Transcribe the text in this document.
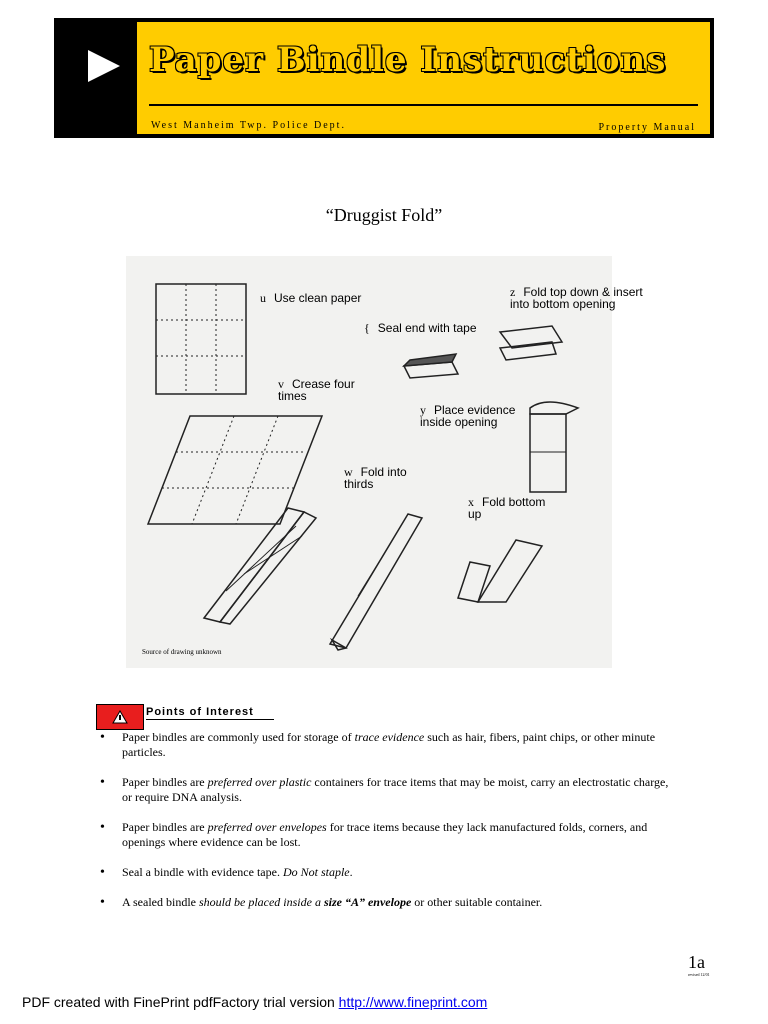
Paper Bindle Instructions
West Manheim Twp. Police Dept.	Property Manual
“Druggist Fold”
u Use clean paper
v Crease four times
w Fold into thirds
x Fold bottom up
y Place evidence inside opening
z Fold top down & insert into bottom opening
{ Seal end with tape
Source of drawing unknown
Points of Interest
• Paper bindles are commonly used for storage of trace evidence such as hair, fibers, paint chips, or other minute particles.
• Paper bindles are preferred over plastic containers for trace items that may be moist, carry an electrostatic charge, or require DNA analysis.
• Paper bindles are preferred over envelopes for trace items because they lack manufactured folds, corners, and openings where evidence can be lost.
• Seal a bindle with evidence tape. Do Not staple.
• A sealed bindle should be placed inside a size “A” envelope or other suitable container.
1a
revised 12/01
PDF created with FinePrint pdfFactory trial version http://www.fineprint.com
